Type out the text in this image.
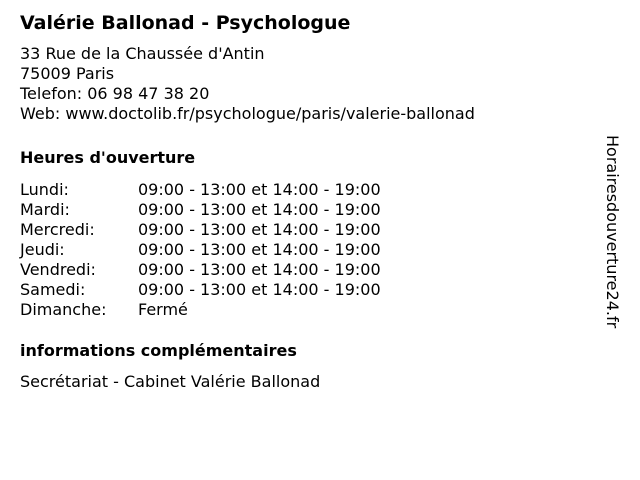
Valérie Ballonad - Psychologue
33 Rue de la Chaussée d'Antin
75009 Paris
Telefon: 06 98 47 38 20
Web: www.doctolib.fr/psychologue/paris/valerie-ballonad
Heures d'ouverture
Lundi:	09:00 - 13:00 et 14:00 - 19:00
Mardi:	09:00 - 13:00 et 14:00 - 19:00
Mercredi:	09:00 - 13:00 et 14:00 - 19:00
Jeudi:	09:00 - 13:00 et 14:00 - 19:00
Vendredi:	09:00 - 13:00 et 14:00 - 19:00
Samedi:	09:00 - 13:00 et 14:00 - 19:00
Dimanche:	Fermé
informations complémentaires
Secrétariat - Cabinet Valérie Ballonad
Horairesdouverture24.fr
